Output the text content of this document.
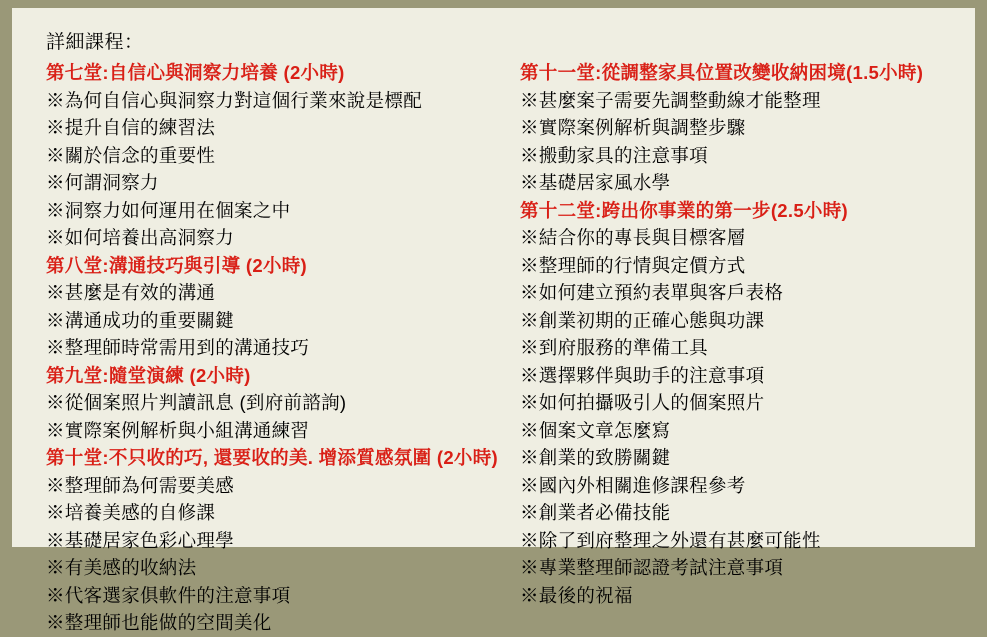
詳細課程：
第七堂:自信心與洞察力培養 (2小時)
※為何自信心與洞察力對這個行業來說是標配
※提升自信的練習法
※關於信念的重要性
※何謂洞察力
※洞察力如何運用在個案之中
※如何培養出高洞察力
第八堂:溝通技巧與引導 (2小時)
※甚麼是有效的溝通
※溝通成功的重要關鍵
※整理師時常需用到的溝通技巧
第九堂:隨堂演練 (2小時)
※從個案照片判讀訊息 (到府前諮詢)
※實際案例解析與小組溝通練習
第十堂:不只收的巧, 還要收的美. 增添質感氛圍 (2小時)
※整理師為何需要美感
※培養美感的自修課
※基礎居家色彩心理學
※有美感的收納法
※代客選家俱軟件的注意事項
※整理師也能做的空間美化
第十一堂:從調整家具位置改變收納困境(1.5小時)
※甚麼案子需要先調整動線才能整理
※實際案例解析與調整步驟
※搬動家具的注意事項
※基礎居家風水學
第十二堂:跨出你事業的第一步(2.5小時)
※結合你的專長與目標客層
※整理師的行情與定價方式
※如何建立預約表單與客戶表格
※創業初期的正確心態與功課
※到府服務的準備工具
※選擇夥伴與助手的注意事項
※如何拍攝吸引人的個案照片
※個案文章怎麼寫
※創業的致勝關鍵
※國內外相關進修課程參考
※創業者必備技能
※除了到府整理之外還有甚麼可能性
※專業整理師認證考試注意事項
※最後的祝福
